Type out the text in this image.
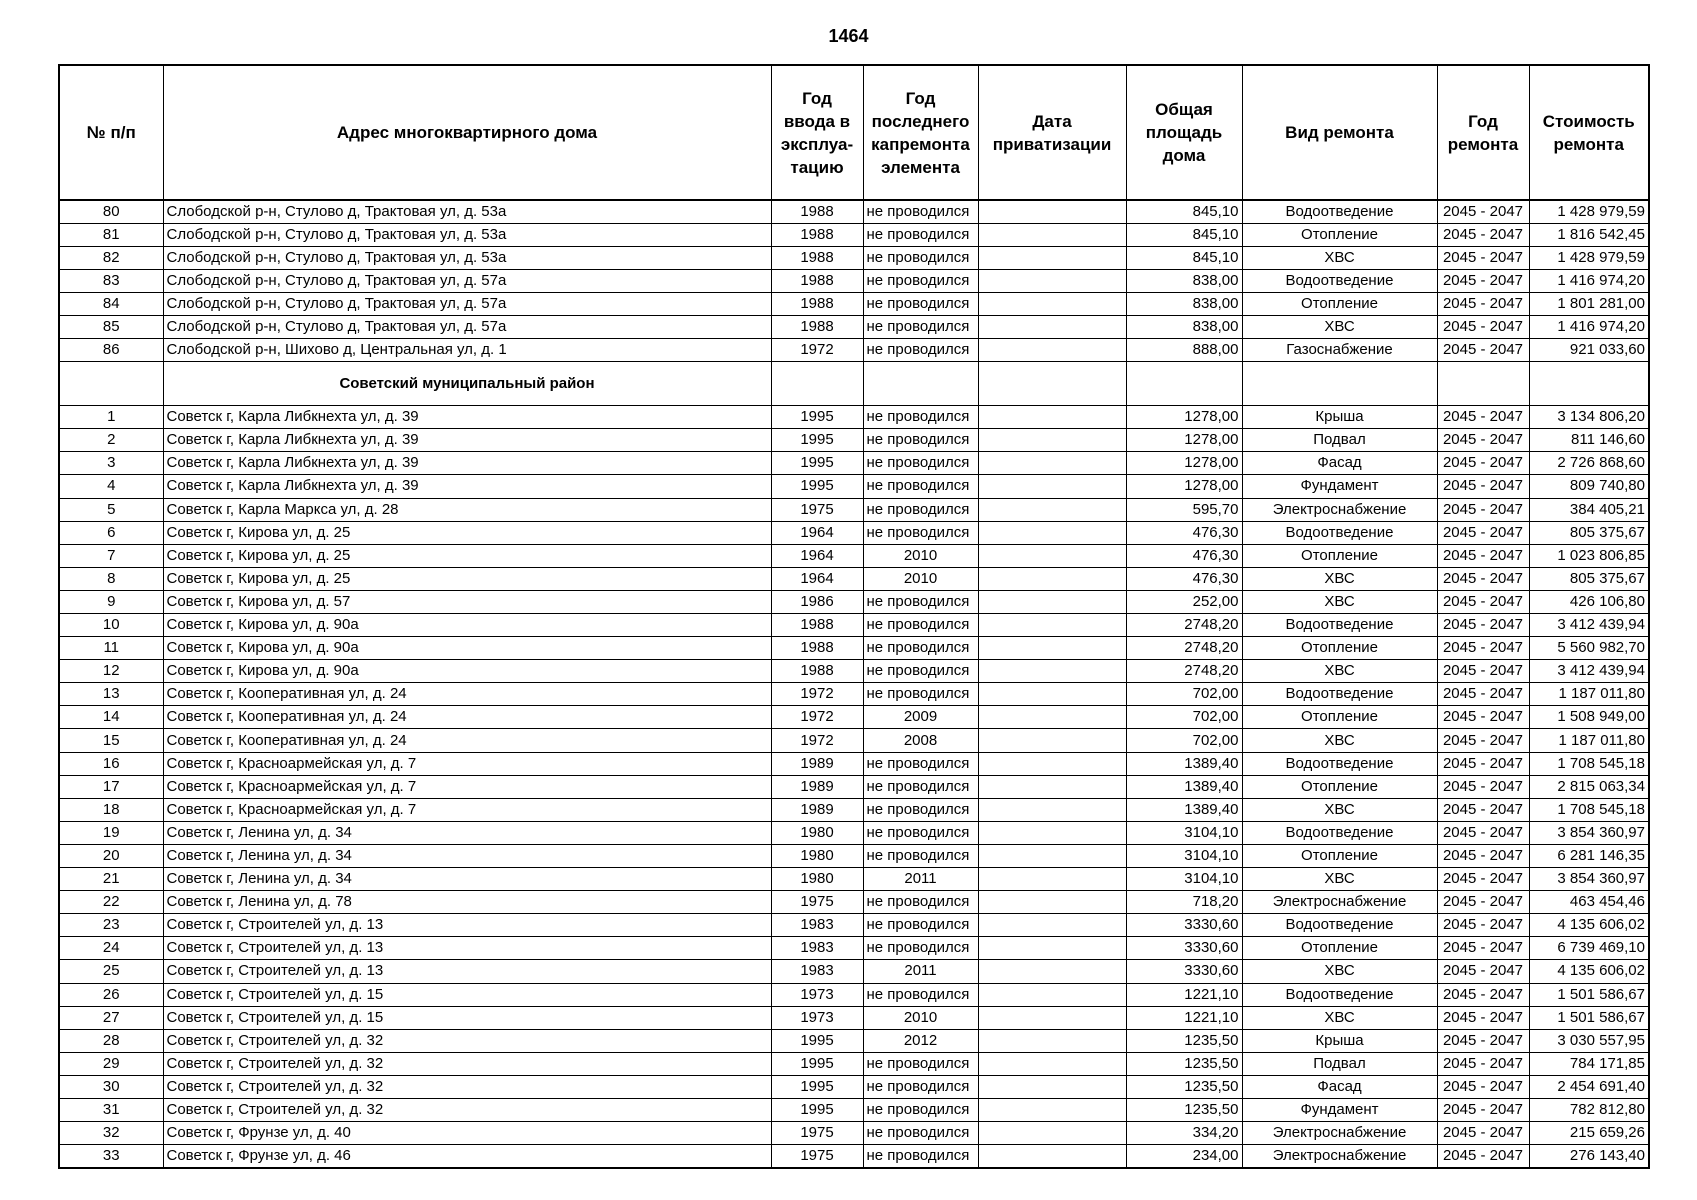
1464
№ п/п	Адрес многоквартирного дома	Год ввода в эксплуа-тацию	Год последнего капремонта элемента	Дата приватизации	Общая площадь дома	Вид ремонта	Год ремонта	Стоимость ремонта
80	Слободской р-н, Стулово д, Трактовая ул, д. 53а	1988	не проводился		845,10	Водоотведение	2045 - 2047	1 428 979,59
81	Слободской р-н, Стулово д, Трактовая ул, д. 53а	1988	не проводился		845,10	Отопление	2045 - 2047	1 816 542,45
82	Слободской р-н, Стулово д, Трактовая ул, д. 53а	1988	не проводился		845,10	ХВС	2045 - 2047	1 428 979,59
83	Слободской р-н, Стулово д, Трактовая ул, д. 57а	1988	не проводился		838,00	Водоотведение	2045 - 2047	1 416 974,20
84	Слободской р-н, Стулово д, Трактовая ул, д. 57а	1988	не проводился		838,00	Отопление	2045 - 2047	1 801 281,00
85	Слободской р-н, Стулово д, Трактовая ул, д. 57а	1988	не проводился		838,00	ХВС	2045 - 2047	1 416 974,20
86	Слободской р-н, Шихово д, Центральная ул, д. 1	1972	не проводился		888,00	Газоснабжение	2045 - 2047	921 033,60
	Советский муниципальный район							
1	Советск г, Карла Либкнехта ул, д. 39	1995	не проводился		1278,00	Крыша	2045 - 2047	3 134 806,20
2	Советск г, Карла Либкнехта ул, д. 39	1995	не проводился		1278,00	Подвал	2045 - 2047	811 146,60
3	Советск г, Карла Либкнехта ул, д. 39	1995	не проводился		1278,00	Фасад	2045 - 2047	2 726 868,60
4	Советск г, Карла Либкнехта ул, д. 39	1995	не проводился		1278,00	Фундамент	2045 - 2047	809 740,80
5	Советск г, Карла Маркса ул, д. 28	1975	не проводился		595,70	Электроснабжение	2045 - 2047	384 405,21
6	Советск г, Кирова ул, д. 25	1964	не проводился		476,30	Водоотведение	2045 - 2047	805 375,67
7	Советск г, Кирова ул, д. 25	1964	2010		476,30	Отопление	2045 - 2047	1 023 806,85
8	Советск г, Кирова ул, д. 25	1964	2010		476,30	ХВС	2045 - 2047	805 375,67
9	Советск г, Кирова ул, д. 57	1986	не проводился		252,00	ХВС	2045 - 2047	426 106,80
10	Советск г, Кирова ул, д. 90а	1988	не проводился		2748,20	Водоотведение	2045 - 2047	3 412 439,94
11	Советск г, Кирова ул, д. 90а	1988	не проводился		2748,20	Отопление	2045 - 2047	5 560 982,70
12	Советск г, Кирова ул, д. 90а	1988	не проводился		2748,20	ХВС	2045 - 2047	3 412 439,94
13	Советск г, Кооперативная ул, д. 24	1972	не проводился		702,00	Водоотведение	2045 - 2047	1 187 011,80
14	Советск г, Кооперативная ул, д. 24	1972	2009		702,00	Отопление	2045 - 2047	1 508 949,00
15	Советск г, Кооперативная ул, д. 24	1972	2008		702,00	ХВС	2045 - 2047	1 187 011,80
16	Советск г, Красноармейская ул, д. 7	1989	не проводился		1389,40	Водоотведение	2045 - 2047	1 708 545,18
17	Советск г, Красноармейская ул, д. 7	1989	не проводился		1389,40	Отопление	2045 - 2047	2 815 063,34
18	Советск г, Красноармейская ул, д. 7	1989	не проводился		1389,40	ХВС	2045 - 2047	1 708 545,18
19	Советск г, Ленина ул, д. 34	1980	не проводился		3104,10	Водоотведение	2045 - 2047	3 854 360,97
20	Советск г, Ленина ул, д. 34	1980	не проводился		3104,10	Отопление	2045 - 2047	6 281 146,35
21	Советск г, Ленина ул, д. 34	1980	2011		3104,10	ХВС	2045 - 2047	3 854 360,97
22	Советск г, Ленина ул, д. 78	1975	не проводился		718,20	Электроснабжение	2045 - 2047	463 454,46
23	Советск г, Строителей ул, д. 13	1983	не проводился		3330,60	Водоотведение	2045 - 2047	4 135 606,02
24	Советск г, Строителей ул, д. 13	1983	не проводился		3330,60	Отопление	2045 - 2047	6 739 469,10
25	Советск г, Строителей ул, д. 13	1983	2011		3330,60	ХВС	2045 - 2047	4 135 606,02
26	Советск г, Строителей ул, д. 15	1973	не проводился		1221,10	Водоотведение	2045 - 2047	1 501 586,67
27	Советск г, Строителей ул, д. 15	1973	2010		1221,10	ХВС	2045 - 2047	1 501 586,67
28	Советск г, Строителей ул, д. 32	1995	2012		1235,50	Крыша	2045 - 2047	3 030 557,95
29	Советск г, Строителей ул, д. 32	1995	не проводился		1235,50	Подвал	2045 - 2047	784 171,85
30	Советск г, Строителей ул, д. 32	1995	не проводился		1235,50	Фасад	2045 - 2047	2 454 691,40
31	Советск г, Строителей ул, д. 32	1995	не проводился		1235,50	Фундамент	2045 - 2047	782 812,80
32	Советск г, Фрунзе ул, д. 40	1975	не проводился		334,20	Электроснабжение	2045 - 2047	215 659,26
33	Советск г, Фрунзе ул, д. 46	1975	не проводился		234,00	Электроснабжение	2045 - 2047	276 143,40
